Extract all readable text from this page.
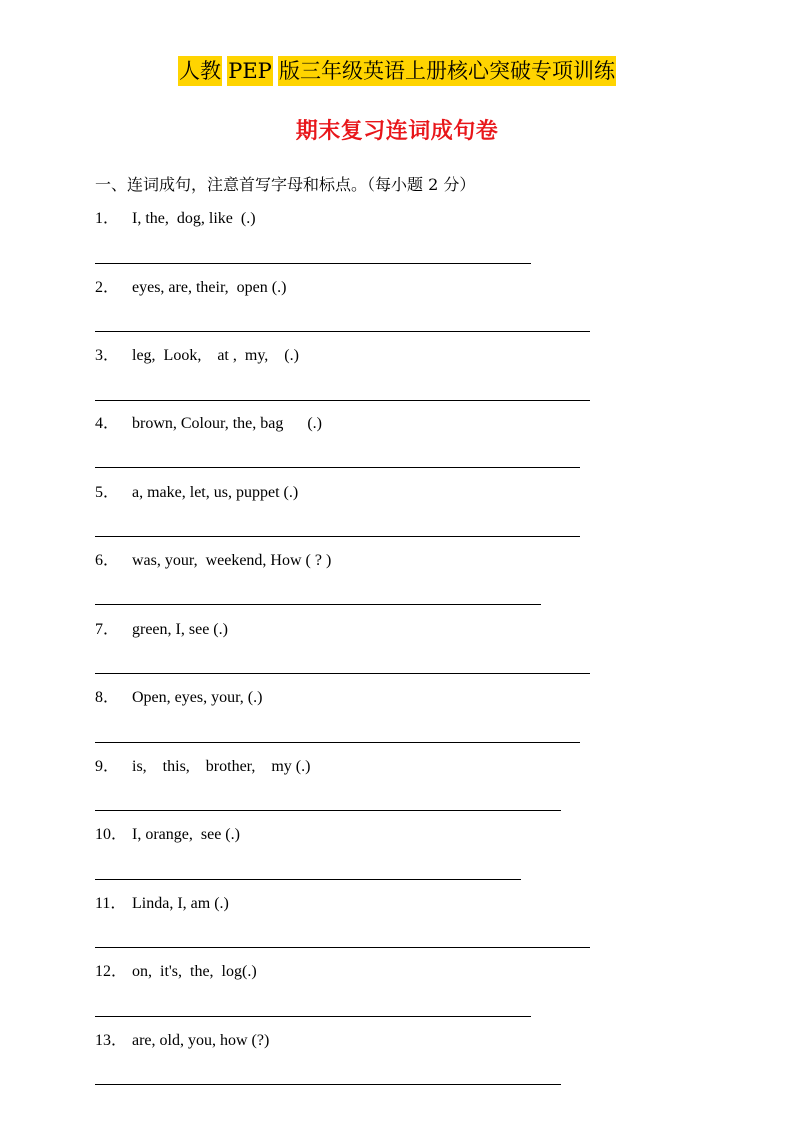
人教 PEP 版三年级英语上册核心突破专项训练
期末复习连词成句卷
一、连词成句，注意首写字母和标点。（每小题 2 分）
1． I, the,  dog, like  (.)
2． eyes, are, their,  open (.)
3． leg,  Look,    at ,  my,    (.)
4． brown, Colour, the, bag      (.)
5． a, make, let, us, puppet (.)
6． was, your,  weekend, How ( ? )
7． green, I, see (.)
8． Open, eyes, your, (.)
9． is,    this,    brother,    my (.)
10． I, orange,  see (.)
11． Linda, I, am (.)
12． on,  it's,  the,  log(.)
13． are, old, you, how (?)
